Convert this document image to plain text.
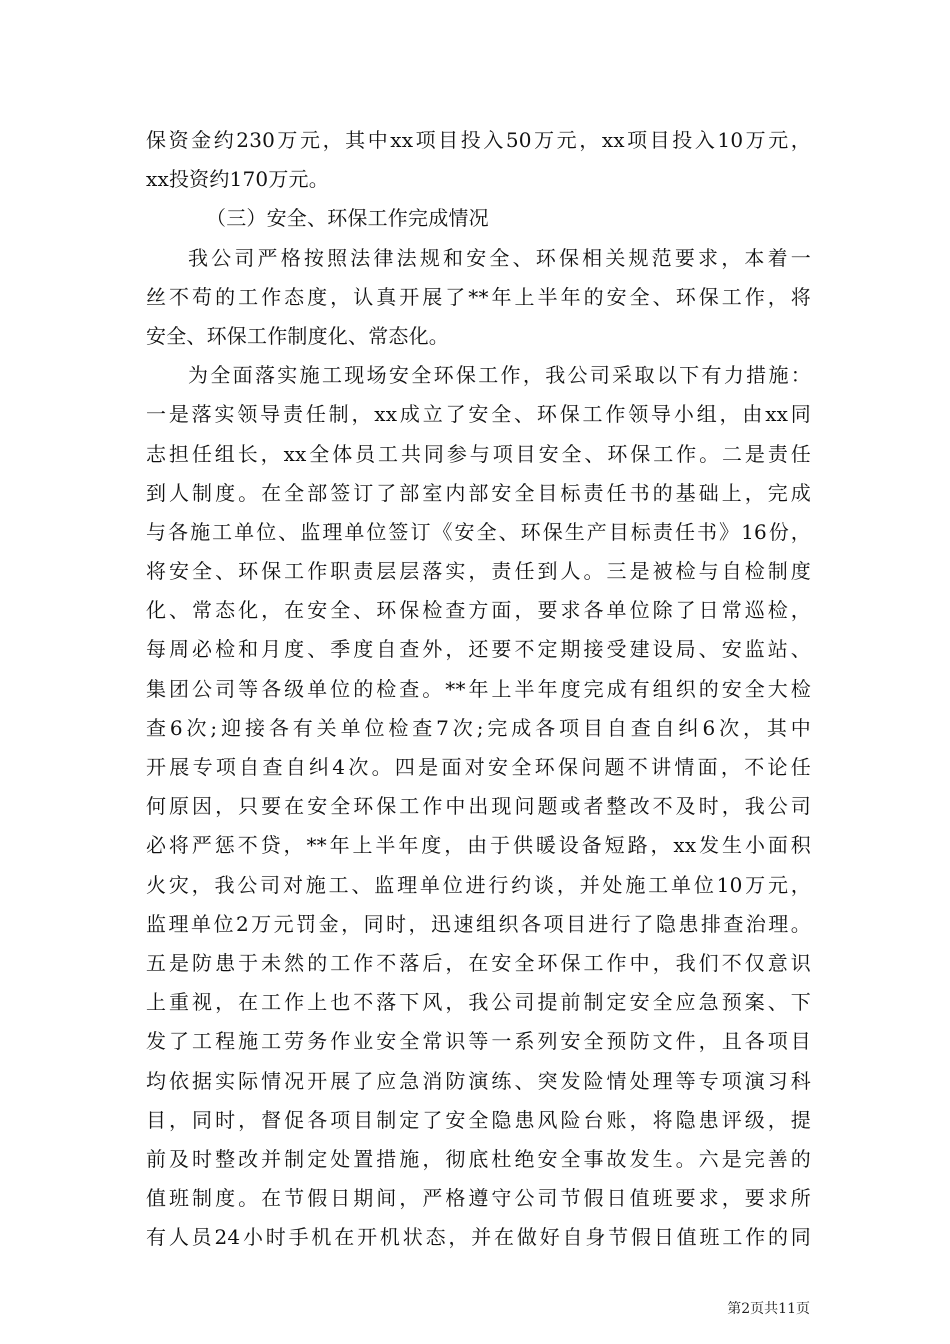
保资金约230万元，其中xx项目投入50万元，xx项目投入10万元，
xx投资约170万元。
（三）安全、环保工作完成情况
我公司严格按照法律法规和安全、环保相关规范要求，本着一
丝不苟的工作态度，认真开展了**年上半年的安全、环保工作，将
安全、环保工作制度化、常态化。
为全面落实施工现场安全环保工作，我公司采取以下有力措施：
一是落实领导责任制，xx成立了安全、环保工作领导小组，由xx同
志担任组长，xx全体员工共同参与项目安全、环保工作。二是责任
到人制度。在全部签订了部室内部安全目标责任书的基础上，完成
与各施工单位、监理单位签订《安全、环保生产目标责任书》16份，
将安全、环保工作职责层层落实，责任到人。三是被检与自检制度
化、常态化，在安全、环保检查方面，要求各单位除了日常巡检，
每周必检和月度、季度自查外，还要不定期接受建设局、安监站、
集团公司等各级单位的检查。**年上半年度完成有组织的安全大检
查6次;迎接各有关单位检查7次;完成各项目自查自纠6次，其中
开展专项自查自纠4次。四是面对安全环保问题不讲情面，不论任
何原因，只要在安全环保工作中出现问题或者整改不及时，我公司
必将严惩不贷，**年上半年度，由于供暖设备短路，xx发生小面积
火灾，我公司对施工、监理单位进行约谈，并处施工单位10万元，
监理单位2万元罚金，同时，迅速组织各项目进行了隐患排查治理。
五是防患于未然的工作不落后，在安全环保工作中，我们不仅意识
上重视，在工作上也不落下风，我公司提前制定安全应急预案、下
发了工程施工劳务作业安全常识等一系列安全预防文件，且各项目
均依据实际情况开展了应急消防演练、突发险情处理等专项演习科
目，同时，督促各项目制定了安全隐患风险台账，将隐患评级，提
前及时整改并制定处置措施，彻底杜绝安全事故发生。六是完善的
值班制度。在节假日期间，严格遵守公司节假日值班要求，要求所
有人员24小时手机在开机状态，并在做好自身节假日值班工作的同
第2页共11页
